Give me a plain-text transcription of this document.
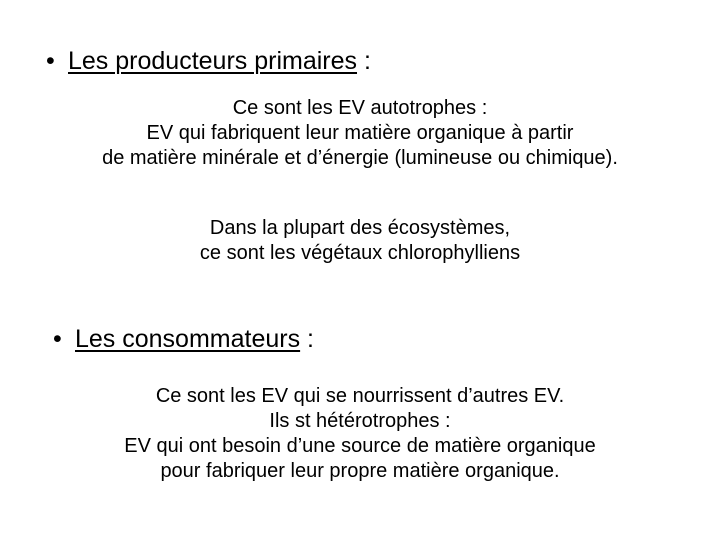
• Les producteurs primaires :
Ce sont les EV autotrophes :
EV qui fabriquent leur matière organique à partir
de matière minérale et d’énergie (lumineuse ou chimique).
Dans la plupart des écosystèmes,
ce sont les végétaux chlorophylliens
• Les consommateurs :
Ce sont les EV qui se nourrissent d’autres EV.
Ils st hétérotrophes :
EV qui ont besoin d’une source de matière organique
pour fabriquer leur propre matière organique.
